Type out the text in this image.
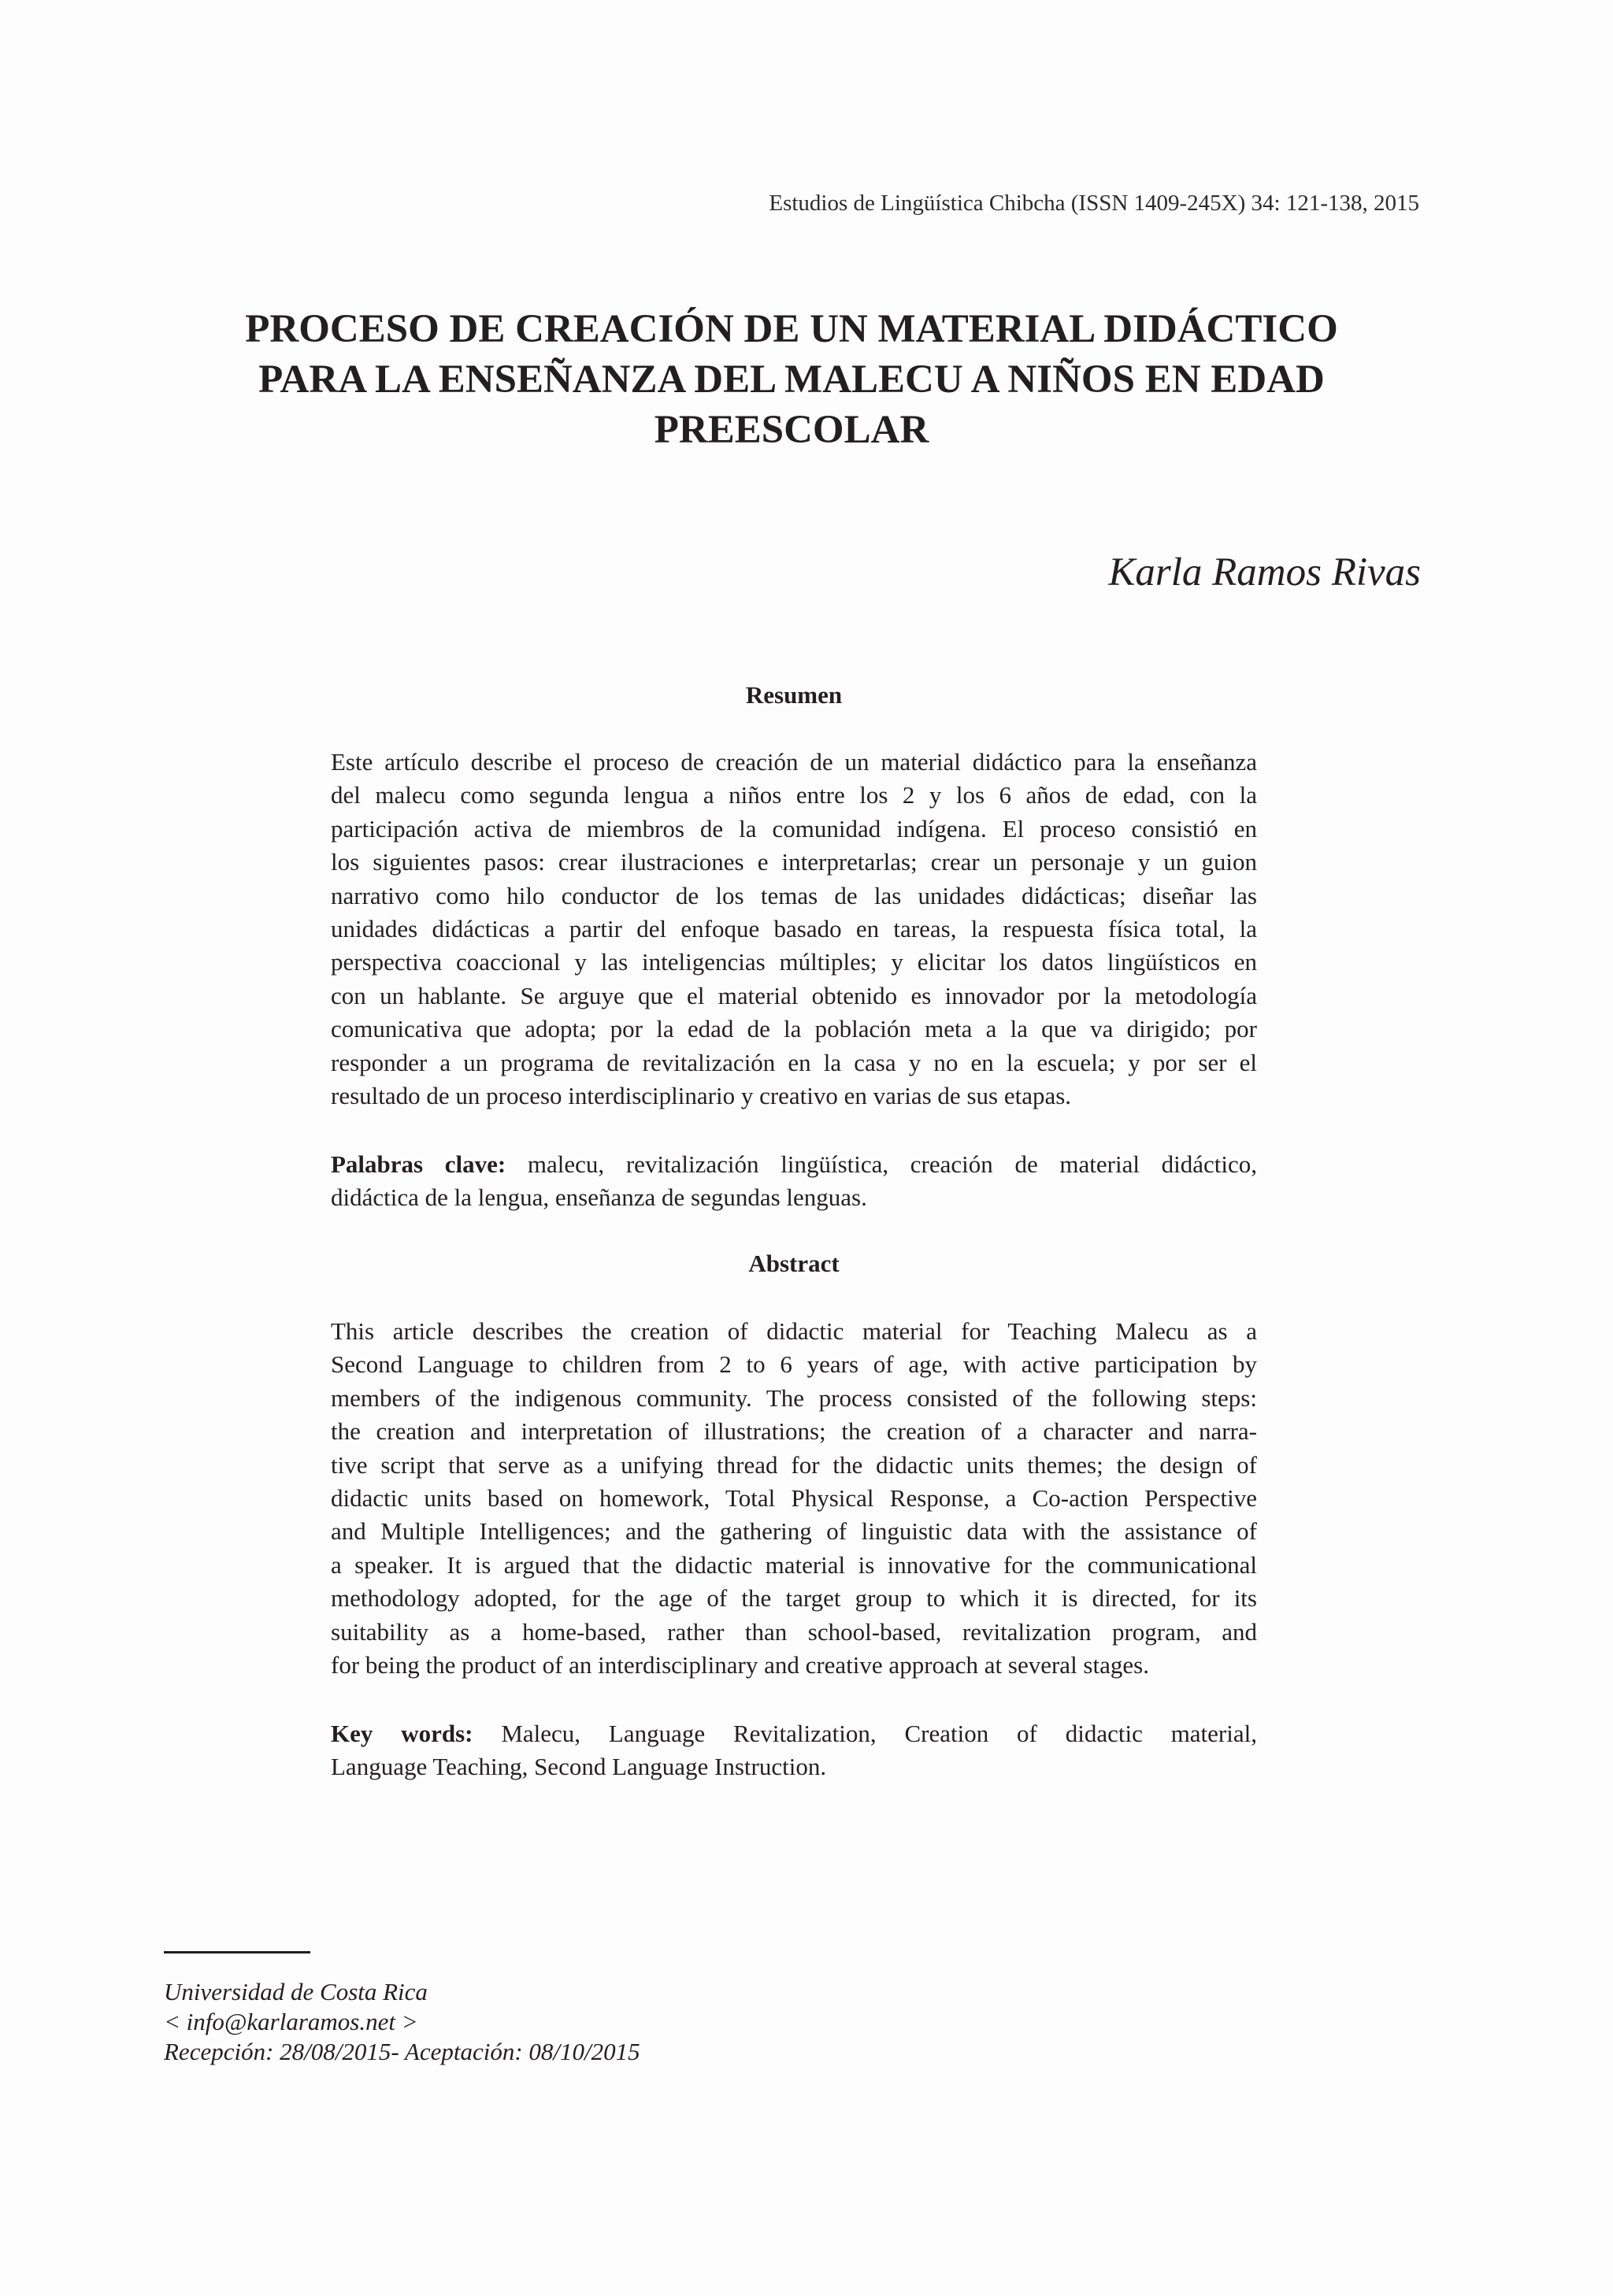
Estudios de Lingüística Chibcha (ISSN 1409-245X) 34: 121-138, 2015
PROCESO DE CREACIÓN DE UN MATERIAL DIDÁCTICO
PARA LA ENSEÑANZA DEL MALECU A NIÑOS EN EDAD
PREESCOLAR
Karla Ramos Rivas
Resumen

Este artículo describe el proceso de creación de un material didáctico para la enseñanza
del malecu como segunda lengua a niños entre los 2 y los 6 años de edad, con la
participación activa de miembros de la comunidad indígena. El proceso consistió en
los siguientes pasos: crear ilustraciones e interpretarlas; crear un personaje y un guion
narrativo como hilo conductor de los temas de las unidades didácticas; diseñar las
unidades didácticas a partir del enfoque basado en tareas, la respuesta física total, la
perspectiva coaccional y las inteligencias múltiples; y elicitar los datos lingüísticos en
con un hablante. Se arguye que el material obtenido es innovador por la metodología
comunicativa que adopta; por la edad de la población meta a la que va dirigido; por
responder a un programa de revitalización en la casa y no en la escuela; y por ser el
resultado de un proceso interdisciplinario y creativo en varias de sus etapas.

Palabras clave: malecu, revitalización lingüística, creación de material didáctico,
didáctica de la lengua, enseñanza de segundas lenguas.

Abstract

This article describes the creation of didactic material for Teaching Malecu as a
Second Language to children from 2 to 6 years of age, with active participation by
members of the indigenous community. The process consisted of the following steps:
the creation and interpretation of illustrations; the creation of a character and narra-
tive script that serve as a unifying thread for the didactic units themes; the design of
didactic units based on homework, Total Physical Response, a Co-action Perspective
and Multiple Intelligences; and the gathering of linguistic data with the assistance of
a speaker. It is argued that the didactic material is innovative for the communicational
methodology adopted, for the age of the target group to which it is directed, for its
suitability as a home-based, rather than school-based, revitalization program, and
for being the product of an interdisciplinary and creative approach at several stages.

Key words: Malecu, Language Revitalization, Creation of didactic material,
Language Teaching, Second Language Instruction.

Universidad de Costa Rica
< info@karlaramos.net >
Recepción: 28/08/2015- Aceptación: 08/10/2015
